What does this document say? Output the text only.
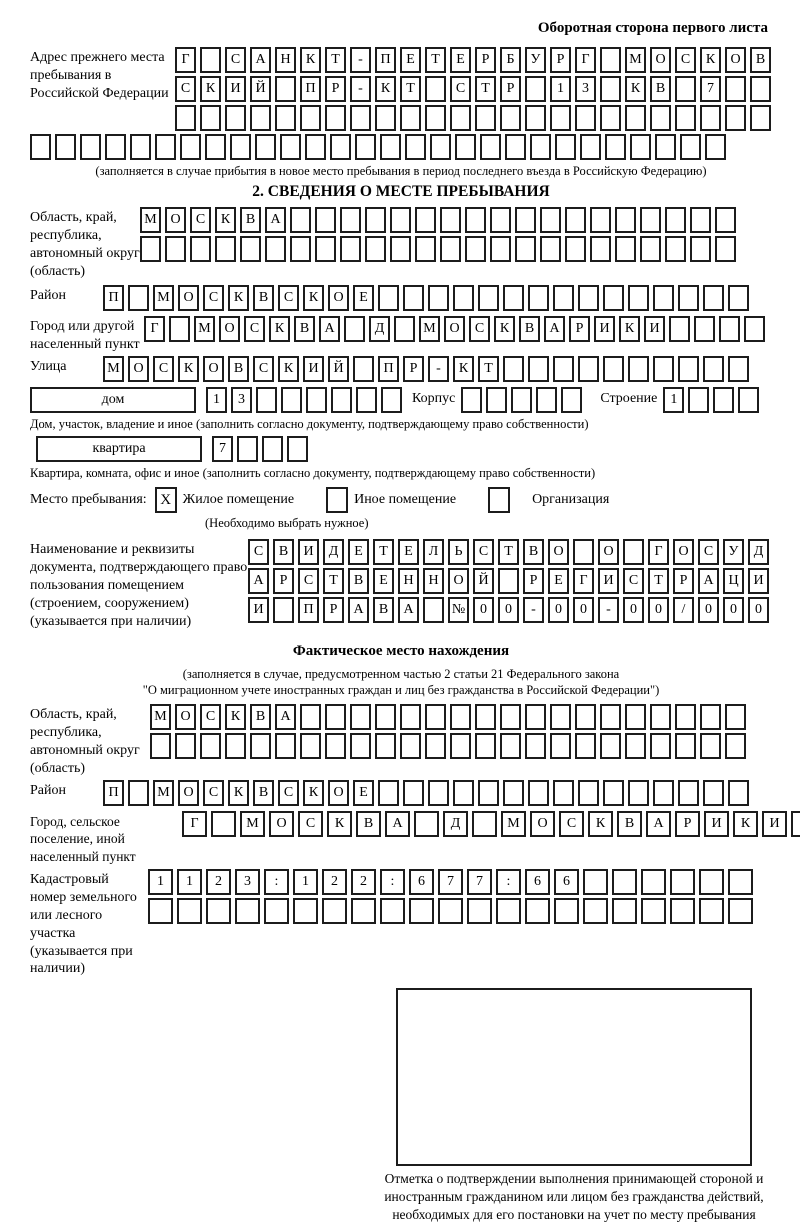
Оборотная сторона первого листа
Адрес прежнего места пребывания в Российской Федерации
Г	С	А	Н	К	Т	-	П	Е	Т	Е	Р	Б	У	Р	Г	М О	С	К	О	В
С	К	И	Й	П	Р	-	К	Т	С	Т	Р	1	3	К	В	7
(заполняется в случае прибытия в новое место пребывания в период последнего въезда в Российскую Федерацию)
2. СВЕДЕНИЯ О МЕСТЕ ПРЕБЫВАНИЯ
Область, край, республика, автономный округ (область)
М О	С	К	В	А
Район	П	М О	С	К	В	С	К	О	Е
Город или другой населенный пункт
Г	М О	С	К	В	А	Д	М О	С	К	В	А	Р	И	К	И
Улица	М О	С	К	О	В	С	К	И	Й	П	Р	-	К	Т
дом	1	3	Корпус	Строение 1
Дом, участок, владение и иное (заполнить согласно документу, подтверждающему право собственности)
квартира	7
Квартира, комната, офис и иное (заполнить согласно документу, подтверждающему право собственности)
Место пребывания: X Жилое помещение	Иное помещение	Организация
(Необходимо выбрать нужное)
Наименование и реквизиты документа, подтверждающего право пользования помещением (строением, сооружением) (указывается при наличии)
С	В	И	Д	Е	Т	Е	Л	Ь	С	Т	В	О	О	Г	О	С	У	Д
А	Р	С	Т	В	Е	Н	Н	О	Й	Р	Е	Г	И	С	Т	Р	А	Ц	И
И	П	Р	А	В	А	№	0	0	-	0	0	-	0	0	/	0	0	0
Фактическое место нахождения
(заполняется в случае, предусмотренном частью 2 статьи 21 Федерального закона
"О миграционном учете иностранных граждан и лиц без гражданства в Российской Федерации")
Область, край, республика, автономный округ (область)
М О	С	К	В	А
Район	П	М О	С	К	В	С	К	О	Е
Город, сельское поселение, иной населенный пункт
Г	М	О	С	К	В	А	Д	М	О	С	К	В	А	Р	И	К	И
Кадастровый номер земельного или лесного участка (указывается при наличии)
1	1	2	3	:	1	2	2	:	6	7	7	:	6	6
Отметка о подтверждении выполнения принимающей стороной и иностранным гражданином или лицом без гражданства действий, необходимых для его постановки на учет по месту пребывания
